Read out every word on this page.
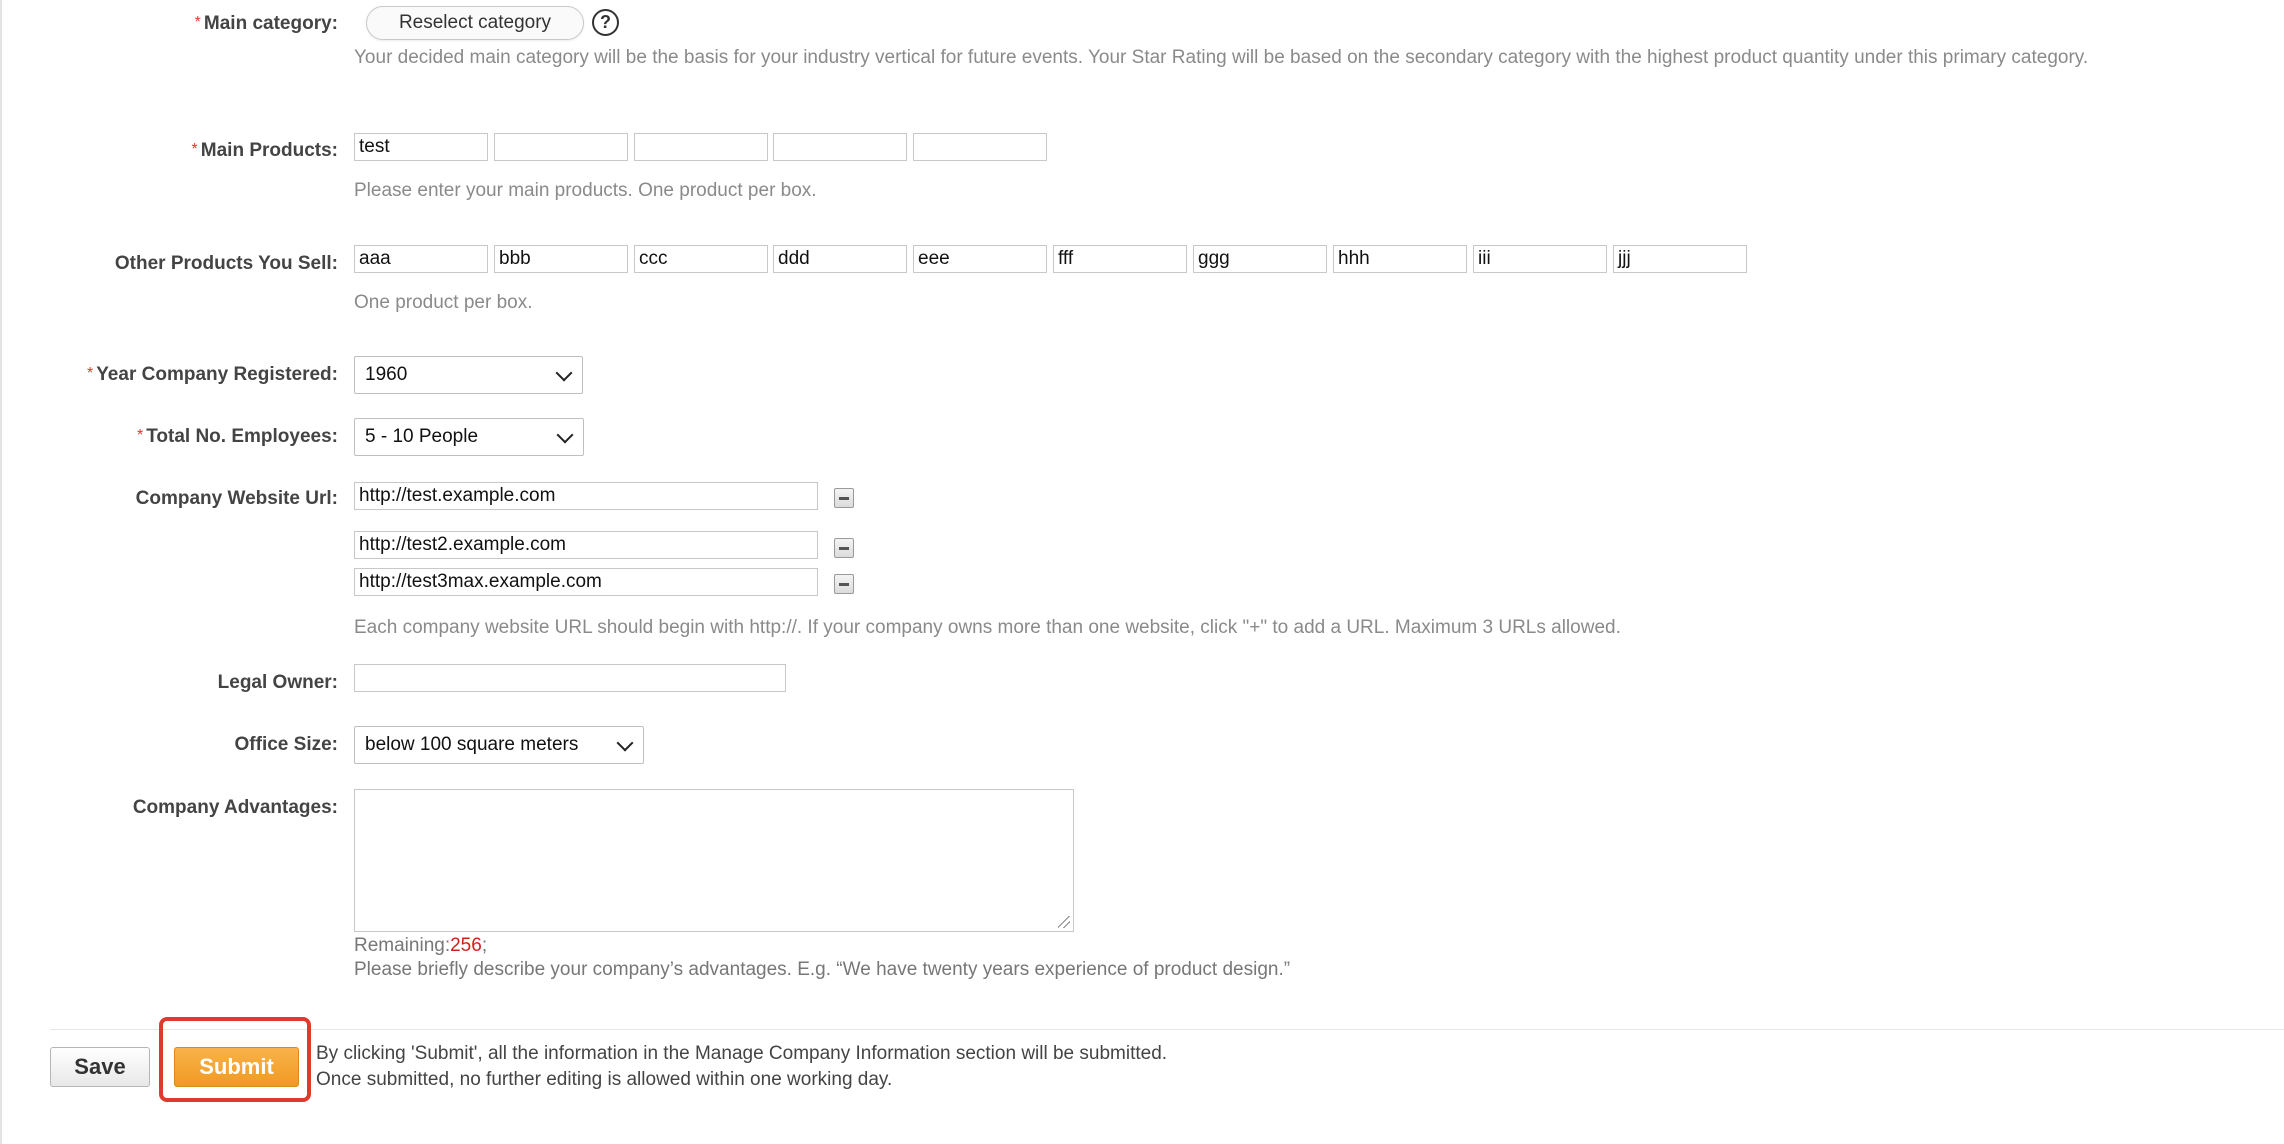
* Main category:	Reselect category	?
Your decided main category will be the basis for your industry vertical for future events. Your Star Rating will be based on the secondary category with the highest product quantity under this primary category.
* Main Products: test
Please enter your main products. One product per box.
Other Products You Sell: aaa	bbb	ccc	ddd	eee	fff	ggg	hhh	iii	jjj
One product per box.
* Year Company Registered: 1960
* Total No. Employees: 5 - 10 People
Company Website Url: http://test.example.com
http://test2.example.com
http://test3max.example.com
Each company website URL should begin with http://. If your company owns more than one website, click "+" to add a URL. Maximum 3 URLs allowed.
Legal Owner:
Office Size: below 100 square meters
Company Advantages:
Remaining:256;
Please briefly describe your company’s advantages. E.g. “We have twenty years experience of product design.”
Save	Submit
By clicking 'Submit', all the information in the Manage Company Information section will be submitted.
Once submitted, no further editing is allowed within one working day.
